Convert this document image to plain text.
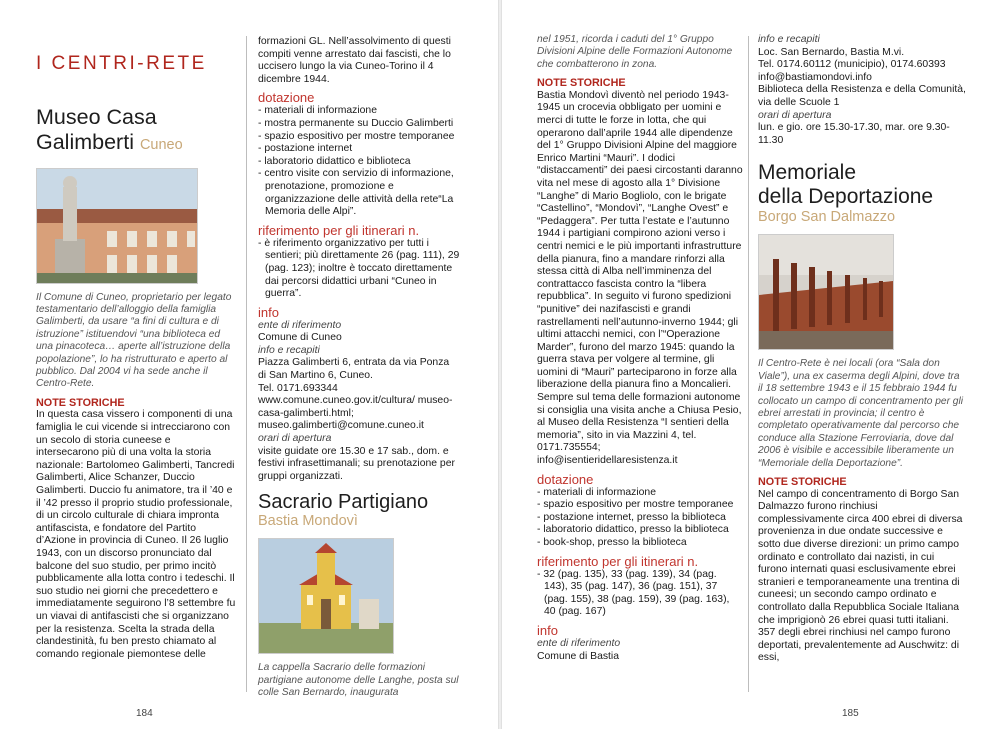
I CENTRI-RETE
Museo Casa Galimberti Cuneo

Il Comune di Cuneo, proprietario per legato testamentario dell’alloggio della famiglia Galimberti, da usare “a fini di cultura e di istruzione” istituendovi “una biblioteca ed una pinacoteca… aperte all’istruzione della popolazione”, lo ha ristrutturato e aperto al pubblico. Dal 2004 vi ha sede anche il Centro-Rete.

NOTE STORICHE

In questa casa vissero i componenti di una famiglia le cui vicende si intrecciarono con un secolo di storia cuneese e intersecarono più di una volta la storia nazionale: Bartolomeo Galimberti, Tancredi Galimberti, Alice Schanzer, Duccio Galimberti. Duccio fu animatore, tra il ’40 e il ’42 presso il proprio studio professionale, di un circolo culturale di chiara impronta antifascista, e fondatore del Partito d’Azione in provincia di Cuneo. Il 26 luglio 1943, con un discorso pronunciato dal balcone del suo studio, per primo incitò pubblicamente alla lotta contro i tedeschi. Il suo studio nei giorni che precedettero e immediatamente seguirono l’8 settembre fu un viavai di antifascisti che si organizzano per la resistenza. Scelta la strada della clandestinità, fu ben presto chiamato al comando regionale piemontese delle

formazioni GL. Nell’assolvimento di questi compiti venne arrestato dai fascisti, che lo uccisero lungo la via Cuneo-Torino il 4 dicembre 1944.

dotazione
- materiali di informazione
- mostra permanente su Duccio Galimberti
- spazio espositivo per mostre temporanee
- postazione internet
- laboratorio didattico e biblioteca
- centro visite con servizio di informazione, prenotazione, promozione e organizzazione delle attività della rete“La Memoria delle Alpi”.
riferimento per gli itinerari n.
- è riferimento organizzativo per tutti i sentieri; più direttamente 26 (pag. 111), 29 (pag. 123); inoltre è toccato direttamente dai percorsi didattici urbani “Cuneo in guerra”.
info

ente di riferimento

Comune di Cuneo

info e recapiti

Piazza Galimberti 6, entrata da via Ponza di San Martino 6, Cuneo.

Tel. 0171.693344

www.comune.cuneo.gov.it/cultura/ museo-casa-galimberti.html;

museo.galimberti@comune.cuneo.it

orari di apertura

visite guidate ore 15.30 e 17 sab., dom. e festivi infrasettimanali; su prenotazione per gruppi organizzati.

Sacrario Partigiano
Bastia Mondovì

La cappella Sacrario delle formazioni partigiane autonome delle Langhe, posta sul colle San Bernardo, inaugurata

184

nel 1951, ricorda i caduti del 1° Gruppo Divisioni Alpine delle Formazioni Autonome che combatterono in zona.

NOTE STORICHE

Bastia Mondovì diventò nel periodo 1943-1945 un crocevia obbligato per uomini e merci di tutte le forze in lotta, che qui operarono dall’aprile 1944 alle dipendenze del 1° Gruppo Divisioni Alpine del maggiore Enrico Martini “Mauri”. I dodici “distaccamenti” dei paesi circostanti daranno vita nel mese di agosto alla 1° Divisione “Langhe” di Mario Bogliolo, con le brigate “Castellino”, “Mondovì”, “Langhe Ovest” e “Pedaggera”. Per tutta l’estate e l’autunno 1944 i partigiani compirono azioni verso i centri nemici e le più importanti infrastrutture della pianura, fino a mandare rinforzi alla stessa città di Alba nell’imminenza del contrattacco fascista contro la “libera repubblica”. In seguito vi furono spedizioni “punitive” dei nazifascisti e grandi rastrellamenti nell’autunno-inverno 1944; gli ultimi attacchi nemici, con l’“Operazione Marder”, furono del marzo 1945: quando la guerra stava per volgere al termine, gli uomini di “Mauri” parteciparono in forze alla liberazione della pianura fino a Moncalieri. Sempre sul tema delle formazioni autonome si consiglia una visita anche a Chiusa Pesio, al Museo della Resistenza “I sentieri della memoria”, sito in via Mazzini 4, tel. 0171.735554; info@isentieridellaresistenza.it

dotazione
- materiali di informazione
- spazio espositivo per mostre temporanee
- postazione internet, presso la biblioteca
- laboratorio didattico, presso la biblioteca
- book-shop, presso la biblioteca
riferimento per gli itinerari n.
- 32 (pag. 135), 33 (pag. 139), 34 (pag. 143), 35 (pag. 147), 36 (pag. 151), 37 (pag. 155), 38 (pag. 159), 39 (pag. 163), 40 (pag. 167)
info

ente di riferimento

Comune di Bastia

info e recapiti

Loc. San Bernardo, Bastia M.vi.

Tel. 0174.60112 (municipio), 0174.60393

info@bastiamondovi.info

Biblioteca della Resistenza e della Comunità, via delle Scuole 1

orari di apertura

lun. e gio. ore 15.30-17.30, mar. ore 9.30-11.30

Memoriale
della Deportazione
Borgo San Dalmazzo

Il Centro-Rete è nei locali (ora “Sala don Viale”), una ex caserma degli Alpini, dove tra il 18 settembre 1943 e il 15 febbraio 1944 fu collocato un campo di concentramento per gli ebrei arrestati in provincia; il centro è completato operativamente dal percorso che conduce alla Stazione Ferroviaria, dove dal 2006 è visibile e accessibile liberamente un “Memoriale della Deportazione”.

NOTE STORICHE

Nel campo di concentramento di Borgo San Dalmazzo furono rinchiusi complessivamente circa 400 ebrei di diversa provenienza in due ondate successive e sotto due diverse direzioni: un primo campo ordinato e controllato dai nazisti, in cui furono internati quasi esclusivamente ebrei stranieri e temporaneamente una trentina di cuneesi; un secondo campo ordinato e controllato dalla Repubblica Sociale Italiana che imprigionò 26 ebrei quasi tutti italiani. 357 degli ebrei rinchiusi nel campo furono deportati, prevalentemente ad Auschwitz: di essi,

185
